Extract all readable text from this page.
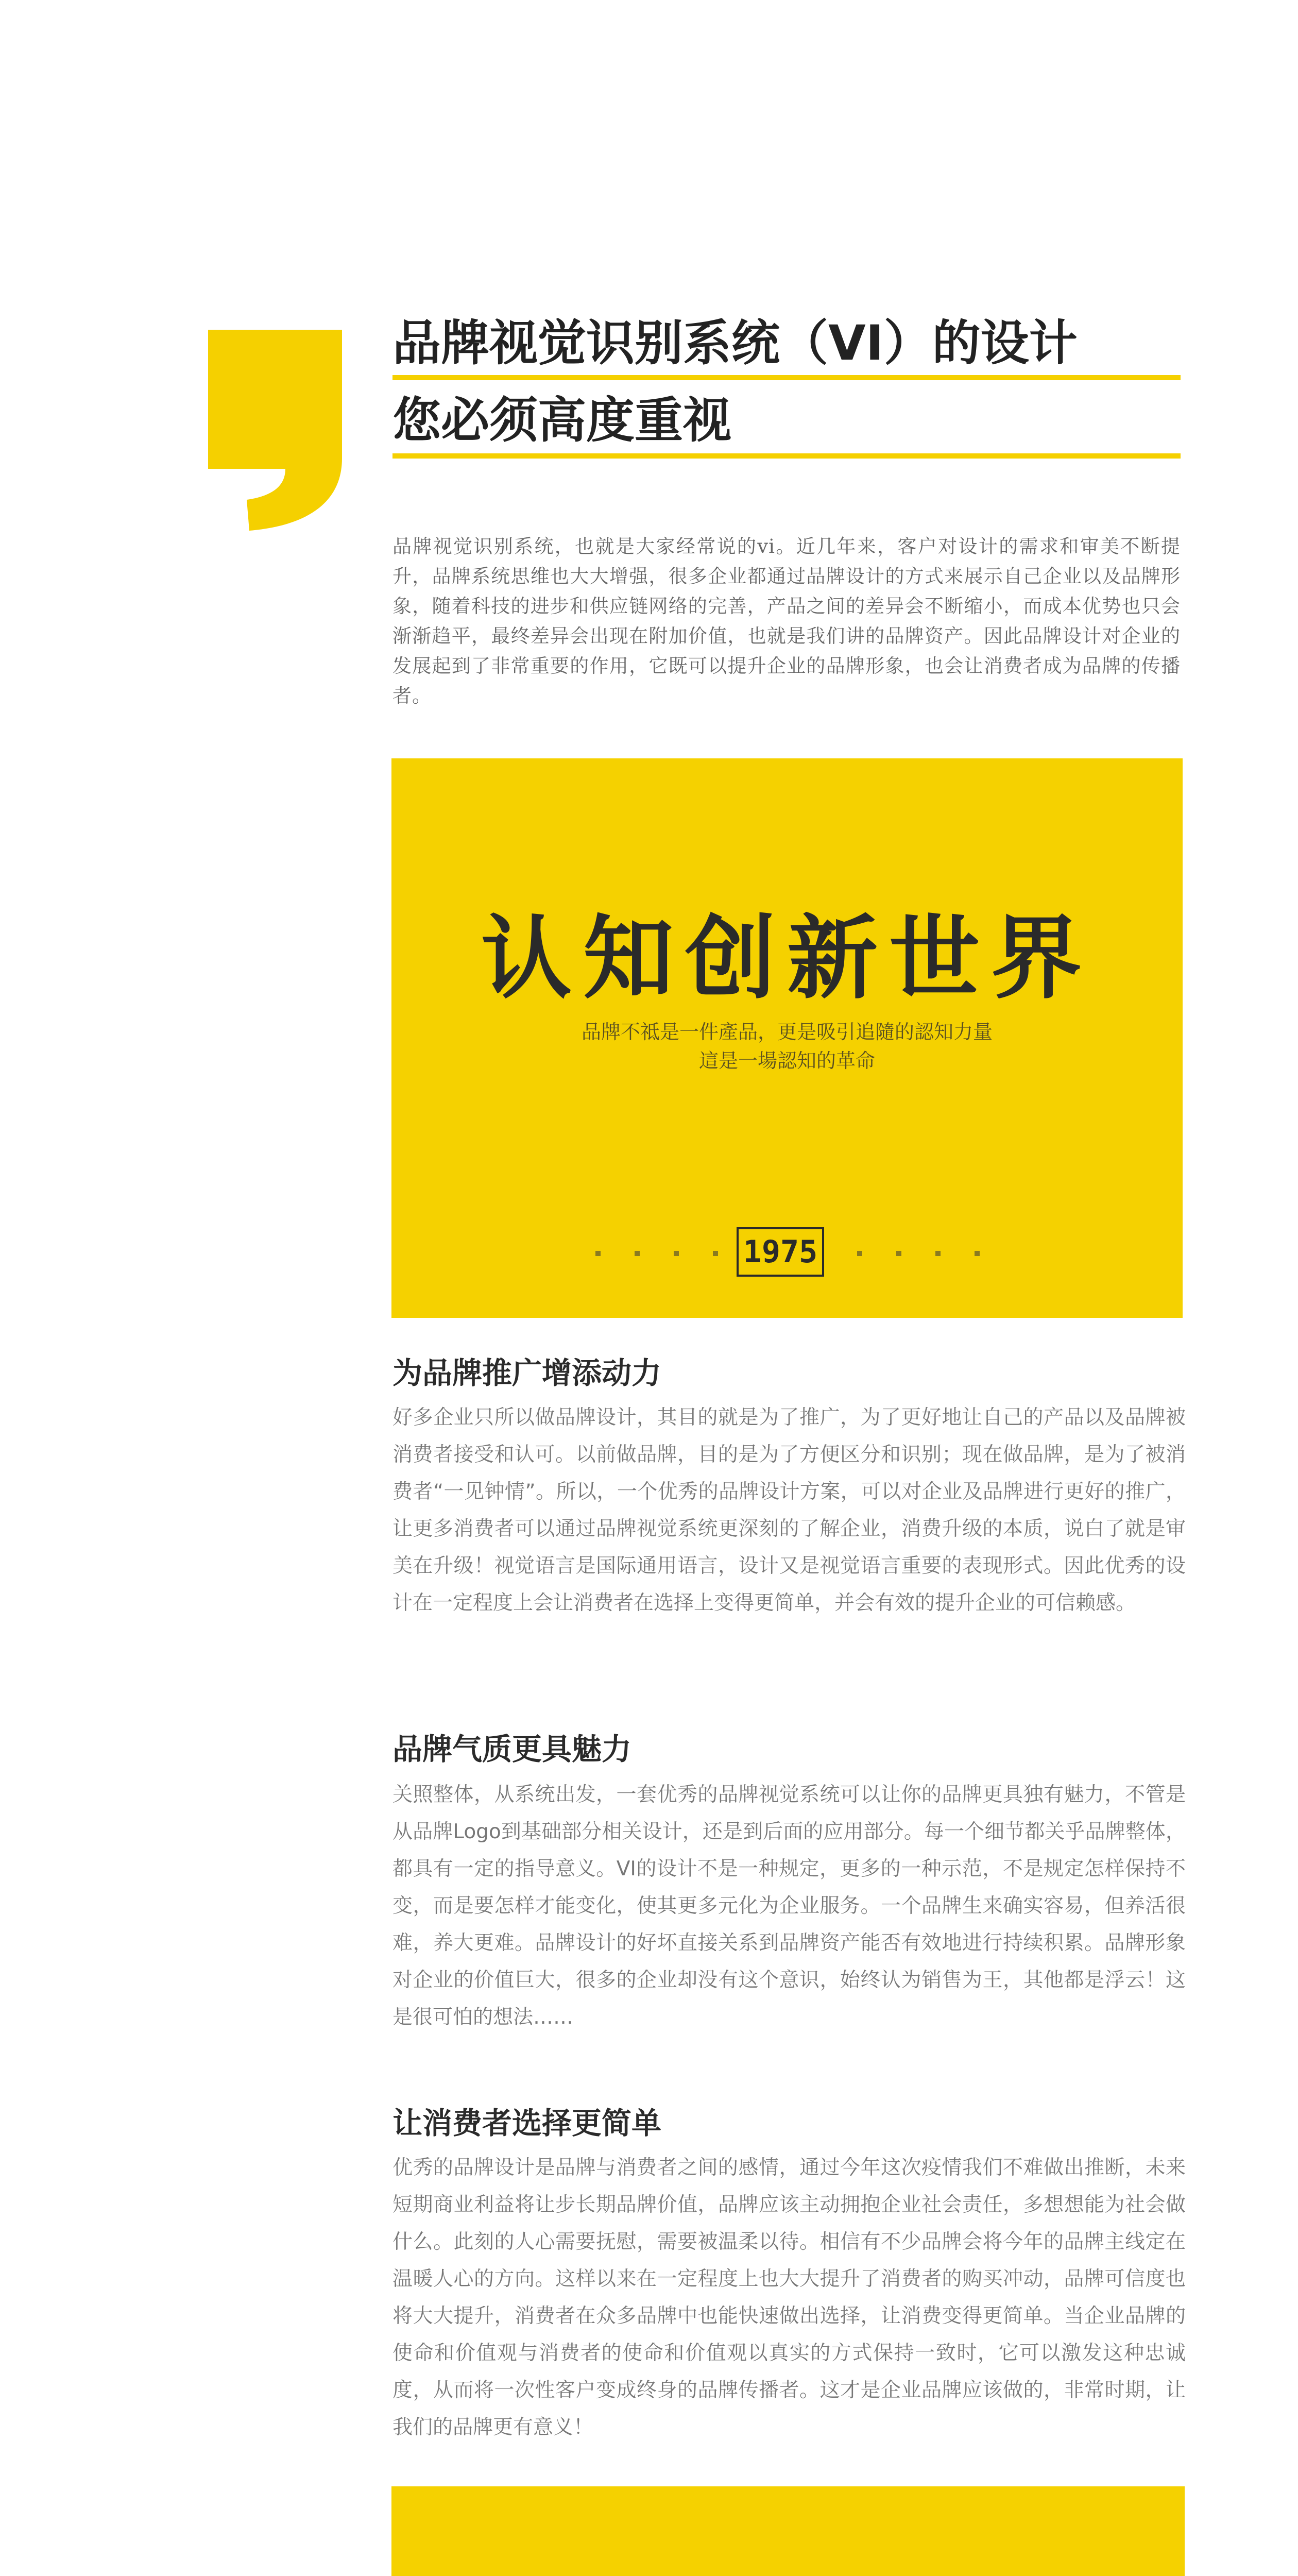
品牌视觉识别系统（VI）的设计
您必须高度重视
品牌视觉识别系统，也就是大家经常说的vi。近几年来，客户对设计的需求和审美不断提升，品牌系统思维也大大增强，很多企业都通过品牌设计的方式来展示自己企业以及品牌形象，随着科技的进步和供应链网络的完善，产品之间的差异会不断缩小，而成本优势也只会渐渐趋平，最终差异会出现在附加价值，也就是我们讲的品牌资产。因此品牌设计对企业的发展起到了非常重要的作用，它既可以提升企业的品牌形象，也会让消费者成为品牌的传播者。
认知创新世界
品牌不祗是一件產品，更是吸引追隨的認知力量
這是一場認知的革命
1975
为品牌推广增添动力
好多企业只所以做品牌设计，其目的就是为了推广，为了更好地让自己的产品以及品牌被消费者接受和认可。以前做品牌，目的是为了方便区分和识别；现在做品牌，是为了被消费者“一见钟情”。所以，一个优秀的品牌设计方案，可以对企业及品牌进行更好的推广，让更多消费者可以通过品牌视觉系统更深刻的了解企业，消费升级的本质，说白了就是审美在升级！视觉语言是国际通用语言，设计又是视觉语言重要的表现形式。因此优秀的设计在一定程度上会让消费者在选择上变得更简单，并会有效的提升企业的可信赖感。
品牌气质更具魅力
关照整体，从系统出发，一套优秀的品牌视觉系统可以让你的品牌更具独有魅力，不管是从品牌Logo到基础部分相关设计，还是到后面的应用部分。每一个细节都关乎品牌整体，都具有一定的指导意义。VI的设计不是一种规定，更多的一种示范，不是规定怎样保持不变，而是要怎样才能变化，使其更多元化为企业服务。一个品牌生来确实容易，但养活很难，养大更难。品牌设计的好坏直接关系到品牌资产能否有效地进行持续积累。品牌形象对企业的价值巨大，很多的企业却没有这个意识，始终认为销售为王，其他都是浮云！这是很可怕的想法……
让消费者选择更简单
优秀的品牌设计是品牌与消费者之间的感情，通过今年这次疫情我们不难做出推断，未来短期商业利益将让步长期品牌价值，品牌应该主动拥抱企业社会责任，多想想能为社会做什么。此刻的人心需要抚慰，需要被温柔以待。相信有不少品牌会将今年的品牌主线定在温暖人心的方向。这样以来在一定程度上也大大提升了消费者的购买冲动，品牌可信度也将大大提升，消费者在众多品牌中也能快速做出选择，让消费变得更简单。当企业品牌的使命和价值观与消费者的使命和价值观以真实的方式保持一致时，它可以激发这种忠诚度，从而将一次性客户变成终身的品牌传播者。这才是企业品牌应该做的，非常时期，让我们的品牌更有意义！
